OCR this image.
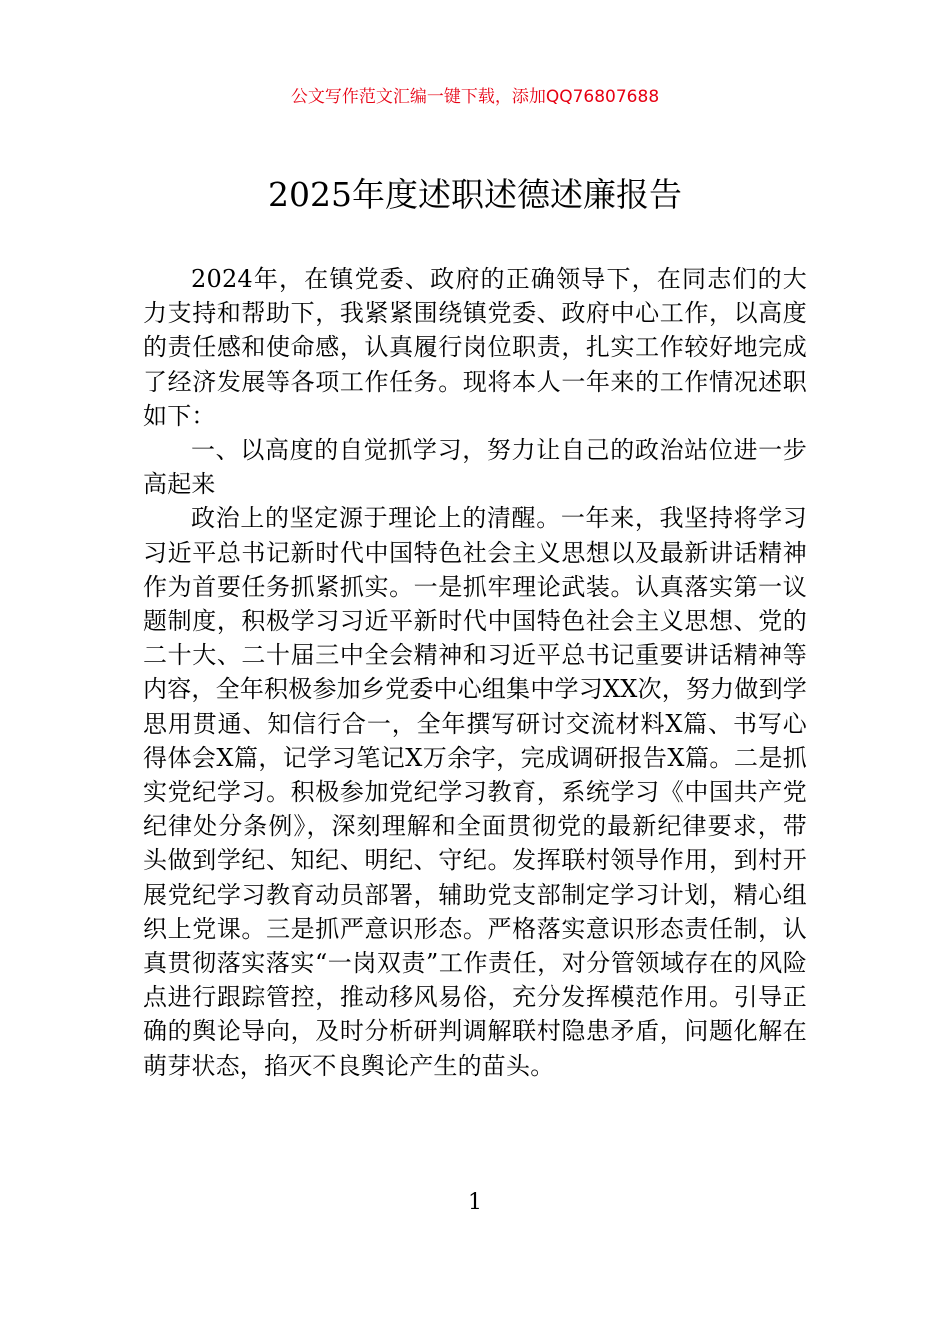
公文写作范文汇编一键下载，添加QQ76807688
2025年度述职述德述廉报告

2024年，在镇党委、政府的正确领导下，在同志们的大力支持和帮助下，我紧紧围绕镇党委、政府中心工作，以高度的责任感和使命感，认真履行岗位职责，扎实工作较好地完成了经济发展等各项工作任务。现将本人一年来的工作情况述职如下：

一、以高度的自觉抓学习，努力让自己的政治站位进一步高起来

政治上的坚定源于理论上的清醒。一年来，我坚持将学习习近平总书记新时代中国特色社会主义思想以及最新讲话精神作为首要任务抓紧抓实。一是抓牢理论武装。认真落实第一议题制度，积极学习习近平新时代中国特色社会主义思想、党的二十大、二十届三中全会精神和习近平总书记重要讲话精神等内容，全年积极参加乡党委中心组集中学习XX次，努力做到学思用贯通、知信行合一，全年撰写研讨交流材料X篇、书写心得体会X篇，记学习笔记X万余字，完成调研报告X篇。二是抓实党纪学习。积极参加党纪学习教育，系统学习《中国共产党纪律处分条例》，深刻理解和全面贯彻党的最新纪律要求，带头做到学纪、知纪、明纪、守纪。发挥联村领导作用，到村开展党纪学习教育动员部署，辅助党支部制定学习计划，精心组织上党课。三是抓严意识形态。严格落实意识形态责任制，认真贯彻落实落实“一岗双责”工作责任，对分管领域存在的风险点进行跟踪管控，推动移风易俗，充分发挥模范作用。引导正确的舆论导向，及时分析研判调解联村隐患矛盾，问题化解在萌芽状态，掐灭不良舆论产生的苗头。

1
